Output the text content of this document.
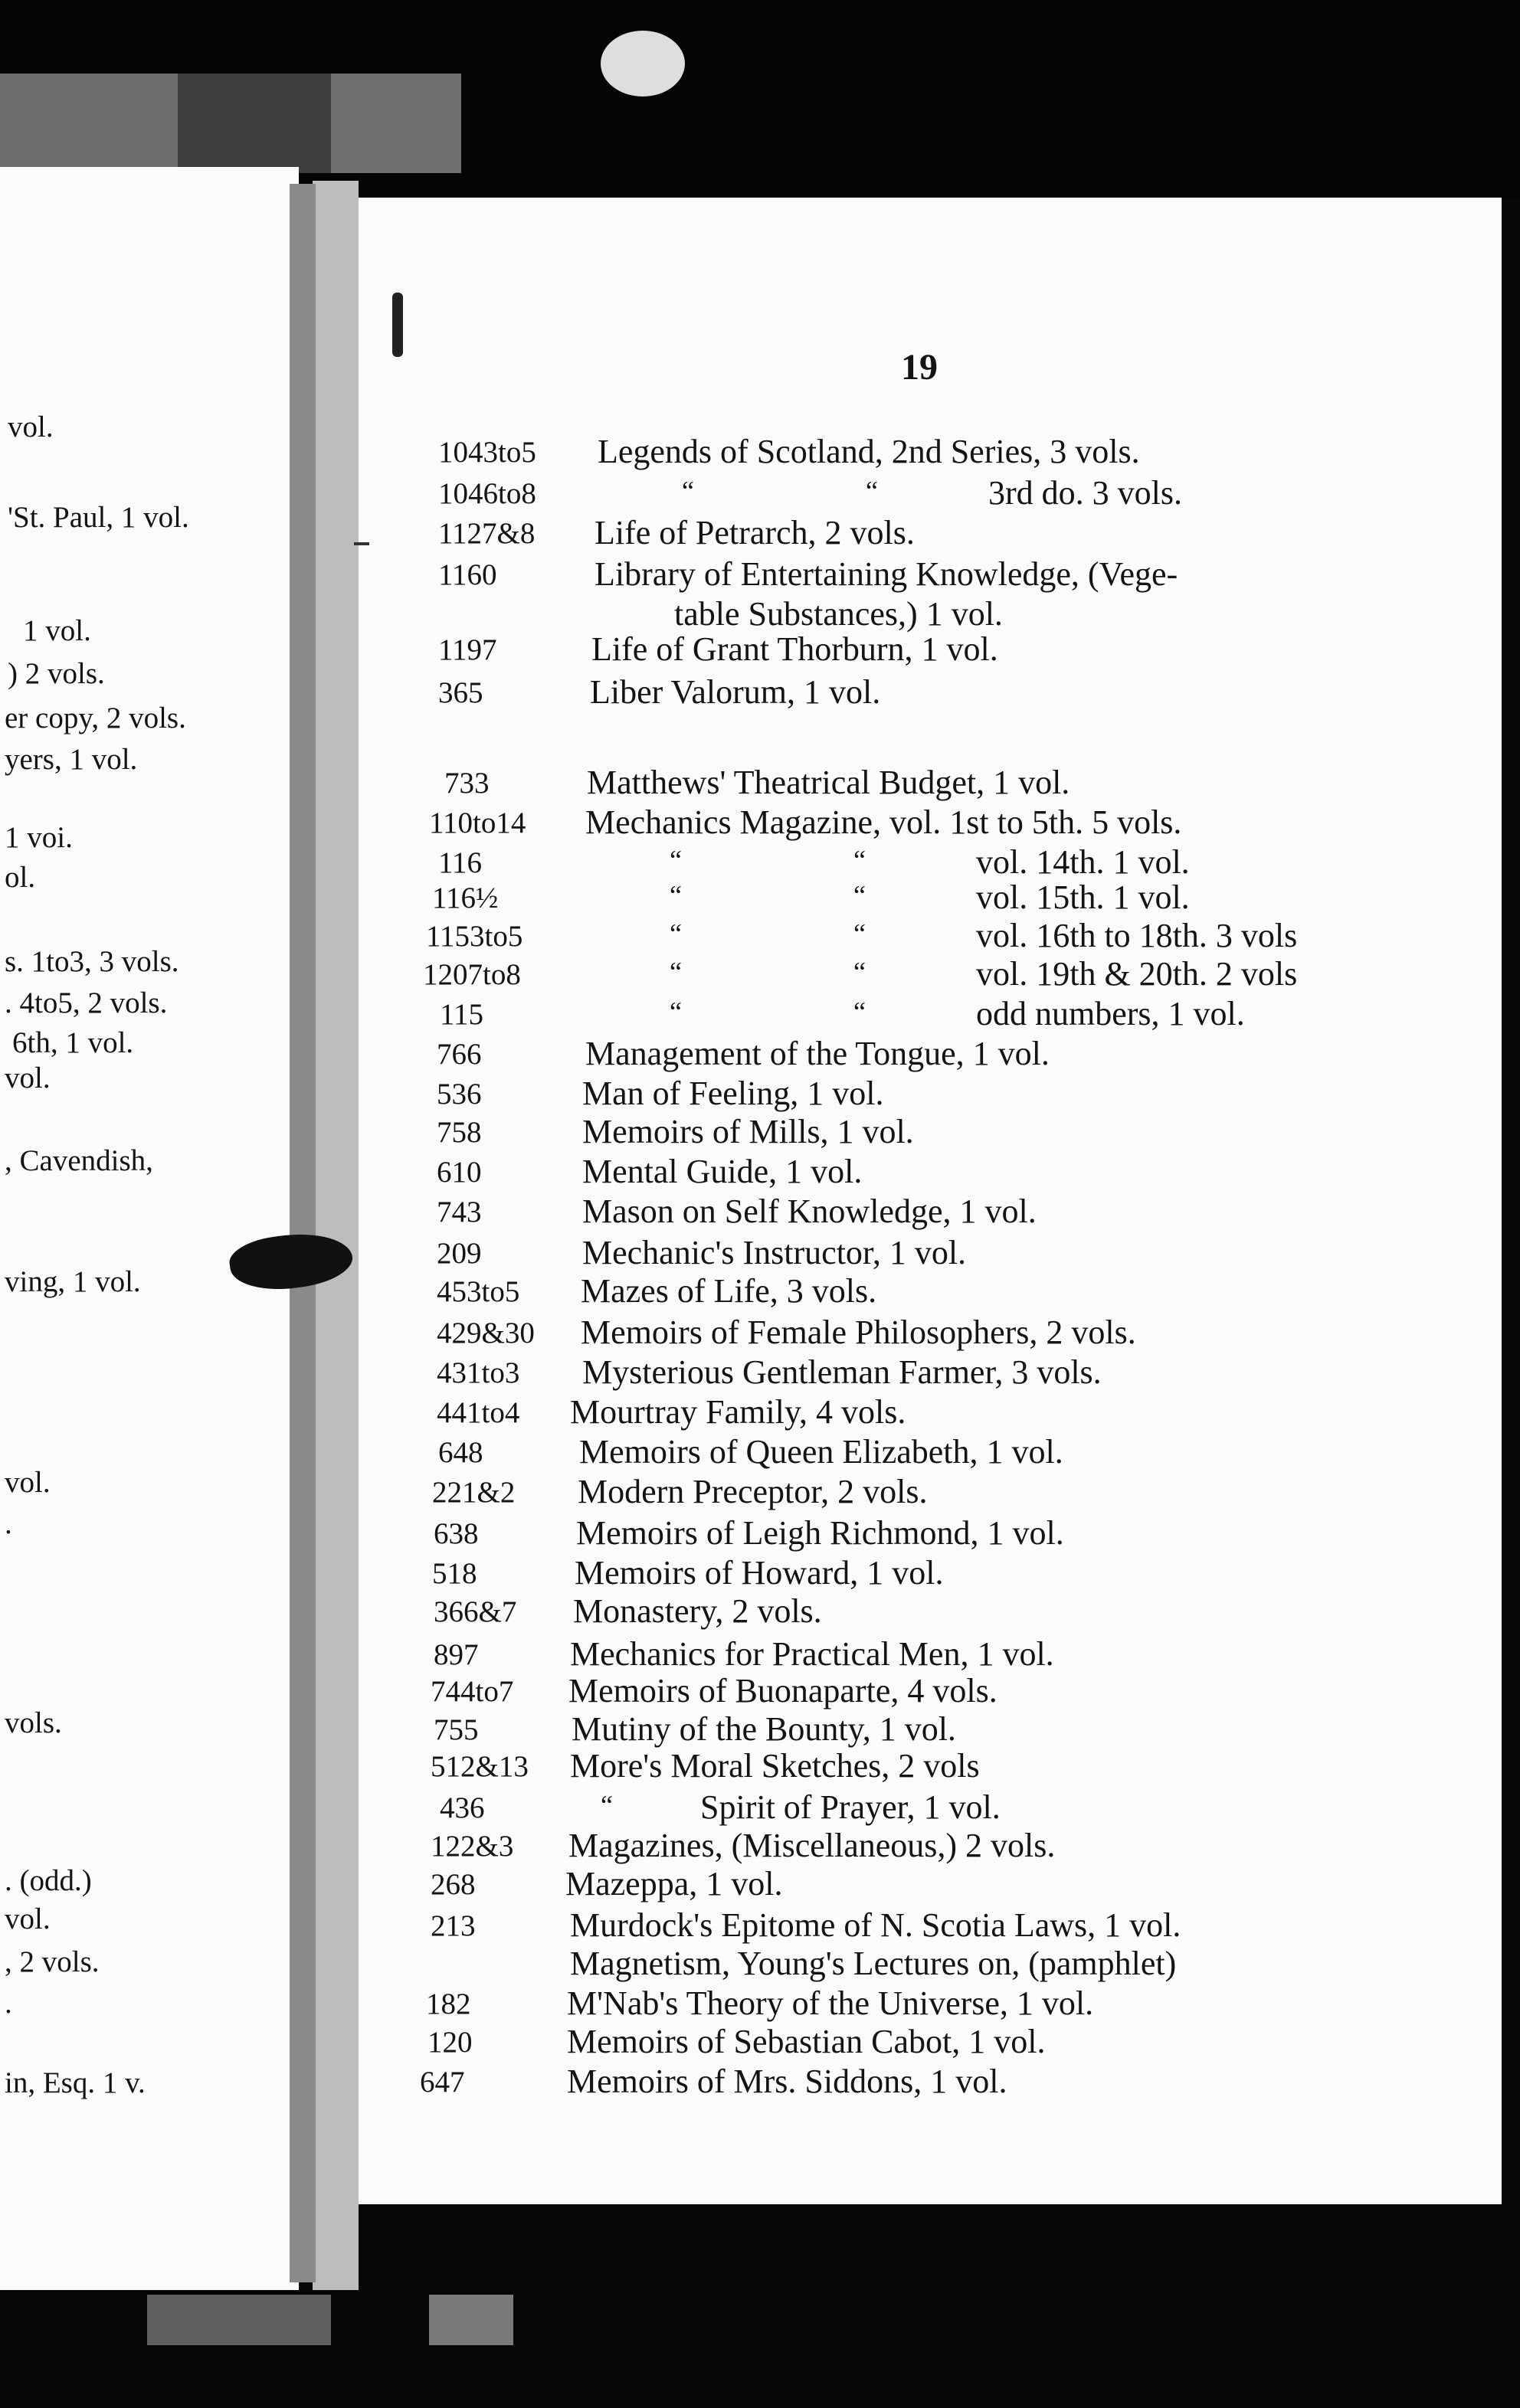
vol.
'St. Paul, 1 vol.
1 vol.
) 2 vols.
er copy, 2 vols.
yers, 1 vol.
1 voi.
ol.
s. 1to3, 3 vols.
. 4to5, 2 vols.
6th, 1 vol.
vol.
, Cavendish,
ving, 1 vol.
vol.
.
vols.
. (odd.)
vol.
, 2 vols.
.
in, Esq. 1 v.
19
1043to5 Legends of Scotland, 2nd Series, 3 vols.
1046to8	“	“	3rd do. 3 vols.
1127&8 Life of Petrarch, 2 vols.
1160	Library of Entertaining Knowledge, (Vege-
table Substances,) 1 vol.
1197	Life of Grant Thorburn, 1 vol.
365	Liber Valorum, 1 vol.
733	Matthews' Theatrical Budget, 1 vol.
110to14 Mechanics Magazine, vol. 1st to 5th. 5 vols.
116	“	“	vol. 14th. 1 vol.
116½	“	“	vol. 15th. 1 vol.
1153to5	“	“	vol. 16th to 18th. 3 vols
1207to8	“	“	vol. 19th & 20th. 2 vols
115	“	“	odd numbers, 1 vol.
766	Management of the Tongue, 1 vol.
536	Man of Feeling, 1 vol.
758	Memoirs of Mills, 1 vol.
610	Mental Guide, 1 vol.
743	Mason on Self Knowledge, 1 vol.
209	Mechanic's Instructor, 1 vol.
453to5 Mazes of Life, 3 vols.
429&30 Memoirs of Female Philosophers, 2 vols.
431to3 Mysterious Gentleman Farmer, 3 vols.
441to4 Mourtray Family, 4 vols.
648	Memoirs of Queen Elizabeth, 1 vol.
221&2 Modern Preceptor, 2 vols.
638	Memoirs of Leigh Richmond, 1 vol.
518	Memoirs of Howard, 1 vol.
366&7 Monastery, 2 vols.
897	Mechanics for Practical Men, 1 vol.
744to7 Memoirs of Buonaparte, 4 vols.
755	Mutiny of the Bounty, 1 vol.
512&13 More's Moral Sketches, 2 vols
436	“	Spirit of Prayer, 1 vol.
122&3 Magazines, (Miscellaneous,) 2 vols.
268	Mazeppa, 1 vol.
213	Murdock's Epitome of N. Scotia Laws, 1 vol.
Magnetism, Young's Lectures on, (pamphlet)
182	M'Nab's Theory of the Universe, 1 vol.
120	Memoirs of Sebastian Cabot, 1 vol.
647	Memoirs of Mrs. Siddons, 1 vol.
